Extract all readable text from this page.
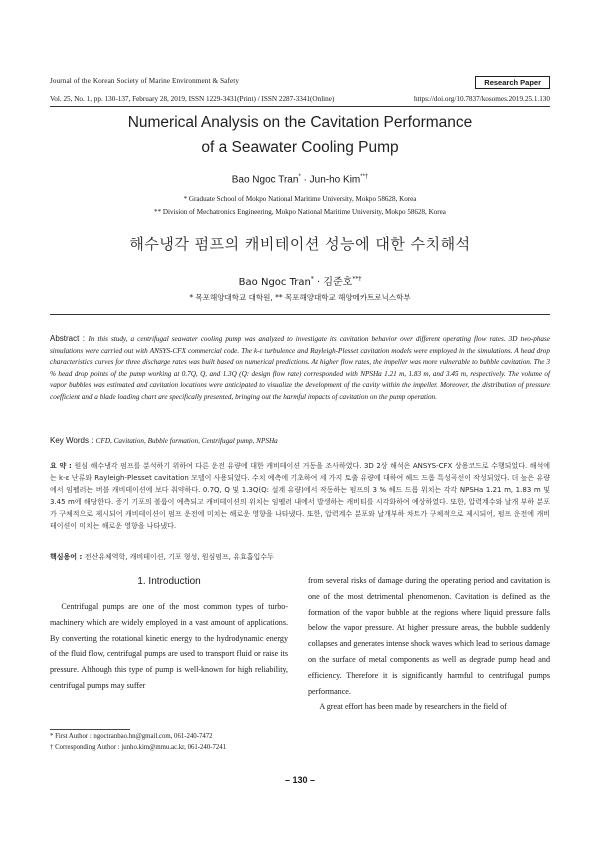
Journal of the Korean Society of Marine Environment & Safety	Research Paper
Vol. 25, No. 1, pp. 130-137, February 28, 2019, ISSN 1229-3431(Print) / ISSN 2287-3341(Online)	https://doi.org/10.7837/kosomes.2019.25.1.130
Numerical Analysis on the Cavitation Performance
of a Seawater Cooling Pump
Bao Ngoc Tran* · Jun-ho Kim**†
* Graduate School of Mokpo National Maritime University, Mokpo 58628, Korea
** Division of Mechatronics Engineering, Mokpo National Maritime University, Mokpo 58628, Korea
해수냉각 펌프의 캐비테이션 성능에 대한 수치해석
Bao Ngoc Tran* · 김준호**†
* 목포해양대학교 대학원, ** 목포해양대학교 해양메카트로닉스학부
Abstract : In this study, a centrifugal seawater cooling pump was analyzed to investigate its cavitation behavior over different operating flow rates. 3D two-phase simulations were carried out with ANSYS-CFX commercial code. The k-ε turbulence and Rayleigh-Plesset cavitation models were employed in the simulations. A head drop characteristics curves for three discharge rates was built based on numerical predictions. At higher flow rates, the impeller was more vulnerable to bubble cavitation. The 3 % head drop points of the pump working at 0.7Q, Q, and 1.3Q (Q: design flow rate) corresponded with NPSHa 1.21 m, 1.83 m, and 3.45 m, respectively. The volume of vapor bubbles was estimated and cavitation locations were anticipated to visualize the development of the cavity within the impeller. Moreover, the distribution of pressure coefficient and a blade loading chart are specifically presented, bringing out the harmful impacts of cavitation on the pump operation.
Key Words : CFD, Cavitation, Bubble formation, Centrifugal pump, NPSHa
요 약 : 원심 해수냉각 펌프를 분석하기 위하여 다른 운전 유량에 대한 캐비테이션 거동을 조사하였다. 3D 2상 해석은 ANSYS-CFX 상용코드로 수행되었다. 해석에는 k-ε 난류와 Rayleigh-Plesset cavitation 모델이 사용되었다. 수치 예측에 기초하여 세 가지 토출 유량에 대하여 헤드 드롭 특성곡선이 작성되었다. 더 높은 유량에서 임펠러는 버블 캐비테이션에 보다 취약하다. 0.7Q, Q 및 1.3Q(Q: 설계 유량)에서 작동하는 펌프의 3 % 헤드 드롭 위치는 각각 NPSHa 1.21 m, 1.83 m 및 3.45 m에 해당한다. 증기 기포의 볼륨이 예측되고 캐비테이션의 위치는 임펠러 내에서 발생하는 캐비티를 시각화하여 예상하였다. 또한, 압력계수와 날개 부하 분포가 구체적으로 제시되어 캐비테이션이 펌프 운전에 미치는 해로운 영향을 나타냈다. 또한, 압력계수 분포와 날개부하 차트가 구체적으로 제시되어, 펌프 운전에 캐비테이션이 미치는 해로운 영향을 나타냈다.
핵심용어 : 전산유체역학, 캐비테이션, 기포 형성, 원심펌프, 유효흡입수두
1. Introduction

Centrifugal pumps are one of the most common types of turbo-machinery which are widely employed in a vast amount of applications. By converting the rotational kinetic energy to the hydrodynamic energy of the fluid flow, centrifugal pumps are used to transport fluid or raise its pressure. Although this type of pump is well-known for high reliability, centrifugal pumps may suffer

from several risks of damage during the operating period and cavitation is one of the most detrimental phenomenon. Cavitation is defined as the formation of the vapor bubble at the regions where liquid pressure falls below the vapor pressure. At higher pressure areas, the bubble suddenly collapses and generates intense shock waves which lead to serious damage on the surface of metal components as well as degrade pump head and efficiency. Therefore it is significantly harmful to centrifugal pumps performance.

A great effort has been made by researchers in the field of

* First Author : ngoctranbao.hn@gmail.com, 061-240-7472
† Corresponding Author : junho.kim@mmu.ac.kr, 061-240-7241
– 130 –
